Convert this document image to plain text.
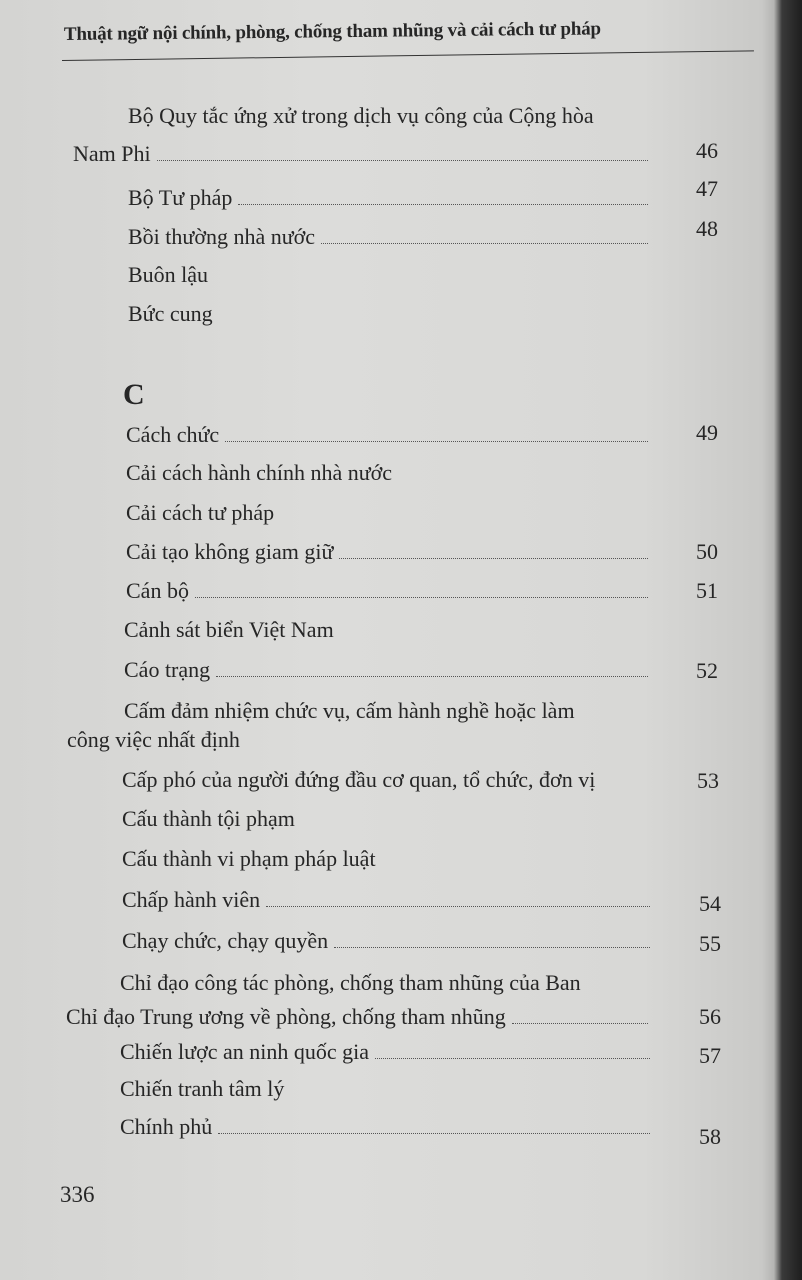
Thuật ngữ nội chính, phòng, chống tham nhũng và cải cách tư pháp
Bộ Quy tắc ứng xử trong dịch vụ công của Cộng hòa
Nam Phi	46
Bộ Tư pháp	47
Bồi thường nhà nước	48
Buôn lậu
Bức cung
C
Cách chức	49
Cải cách hành chính nhà nước
Cải cách tư pháp
Cải tạo không giam giữ	50
Cán bộ	51
Cảnh sát biển Việt Nam
Cáo trạng	52
Cấm đảm nhiệm chức vụ, cấm hành nghề hoặc làm
công việc nhất định
Cấp phó của người đứng đầu cơ quan, tổ chức, đơn vị	53
Cấu thành tội phạm
Cấu thành vi phạm pháp luật
Chấp hành viên	54
Chạy chức, chạy quyền	55
Chỉ đạo công tác phòng, chống tham nhũng của Ban
Chỉ đạo Trung ương về phòng, chống tham nhũng	56
Chiến lược an ninh quốc gia	57
Chiến tranh tâm lý
Chính phủ	58
336
